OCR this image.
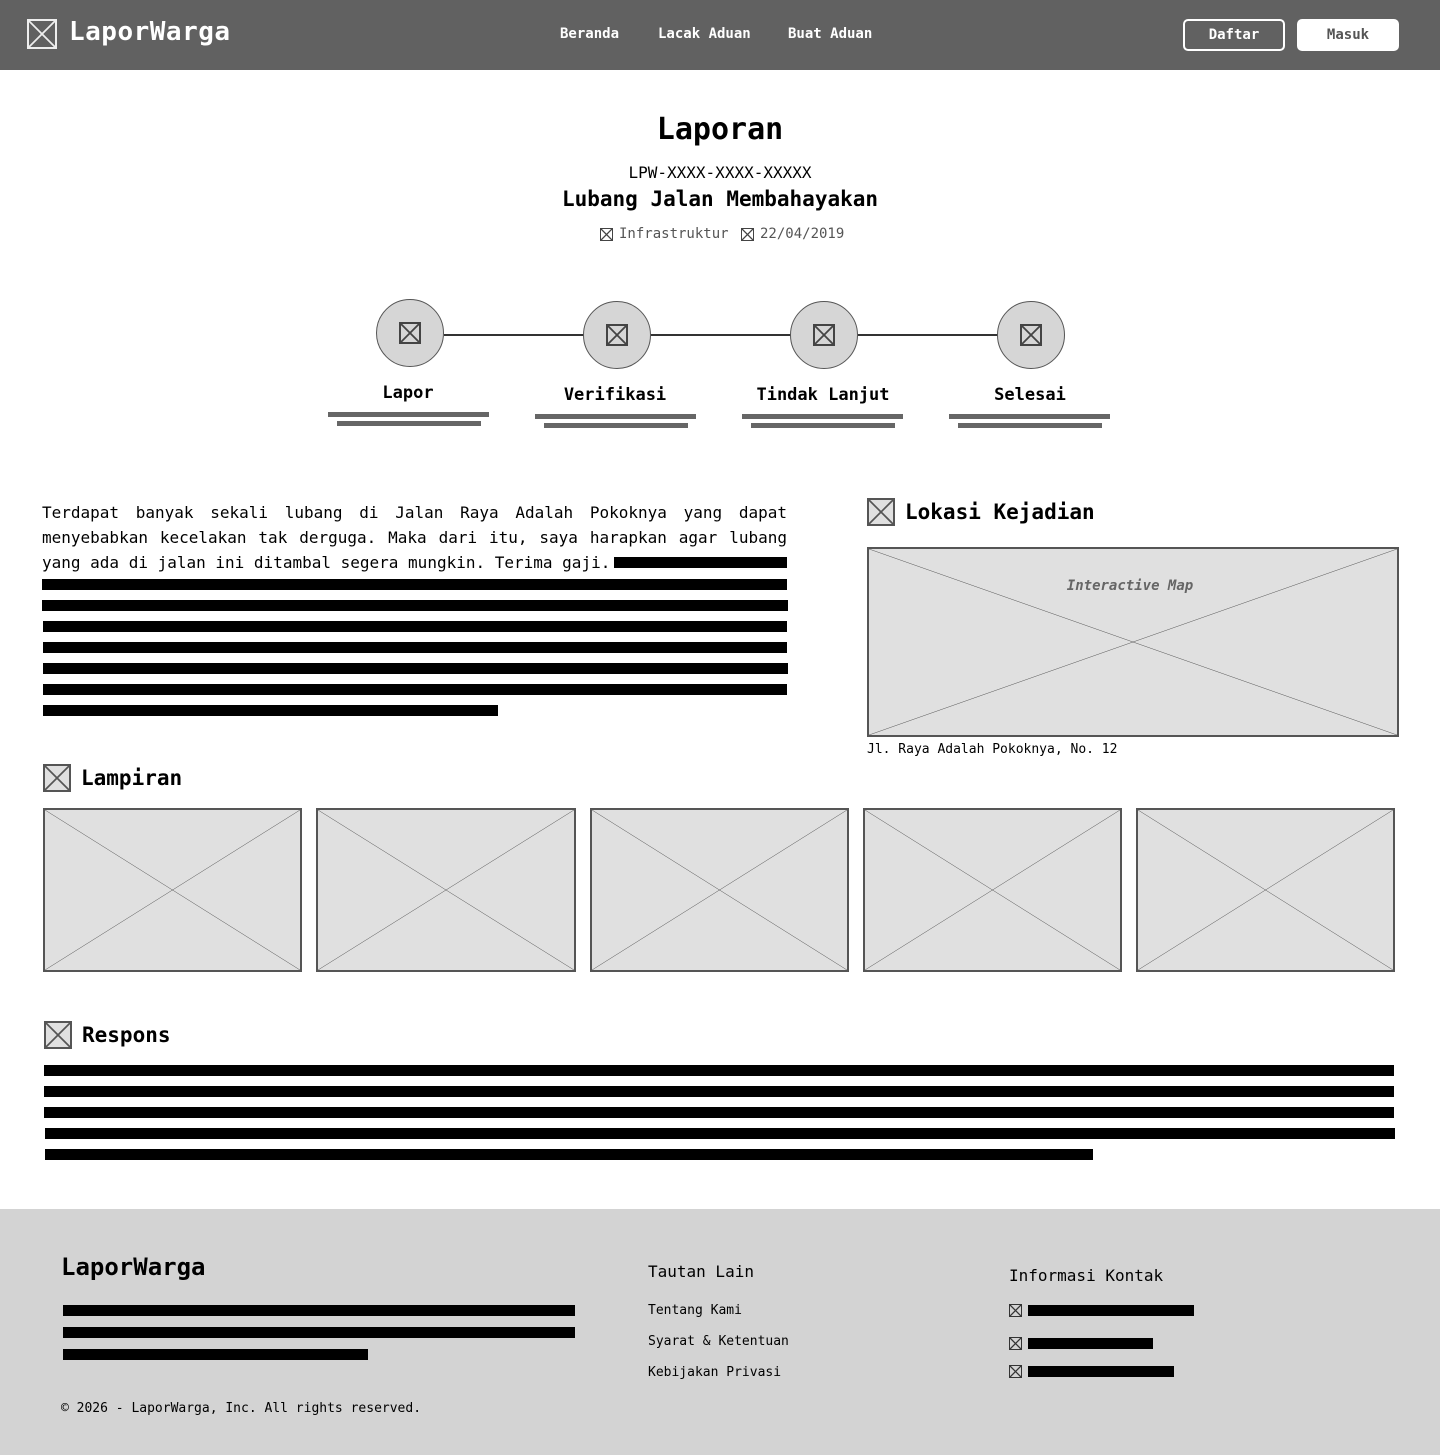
LaporWarga	Beranda	Lacak Aduan	Buat Aduan	Daftar	Masuk
Laporan
LPW-XXXX-XXXX-XXXXX
Lubang Jalan Membahayakan
Infrastruktur 22/04/2019
Lapor	Verifikasi	Tindak Lanjut	Selesai
Terdapat banyak sekali lubang di Jalan Raya Adalah Pokoknya yang dapat menyebabkan kecelakan tak derguga. Maka dari itu, saya harapkan agar lubang yang ada di jalan ini ditambal segera mungkin. Terima gaji.
Lokasi Kejadian
Interactive Map
Jl. Raya Adalah Pokoknya, No. 12
Lampiran
Respons
LaporWarga
© 2026 - LaporWarga, Inc. All rights reserved.
Tautan Lain
Tentang Kami
Syarat & Ketentuan
Kebijakan Privasi
Informasi Kontak
